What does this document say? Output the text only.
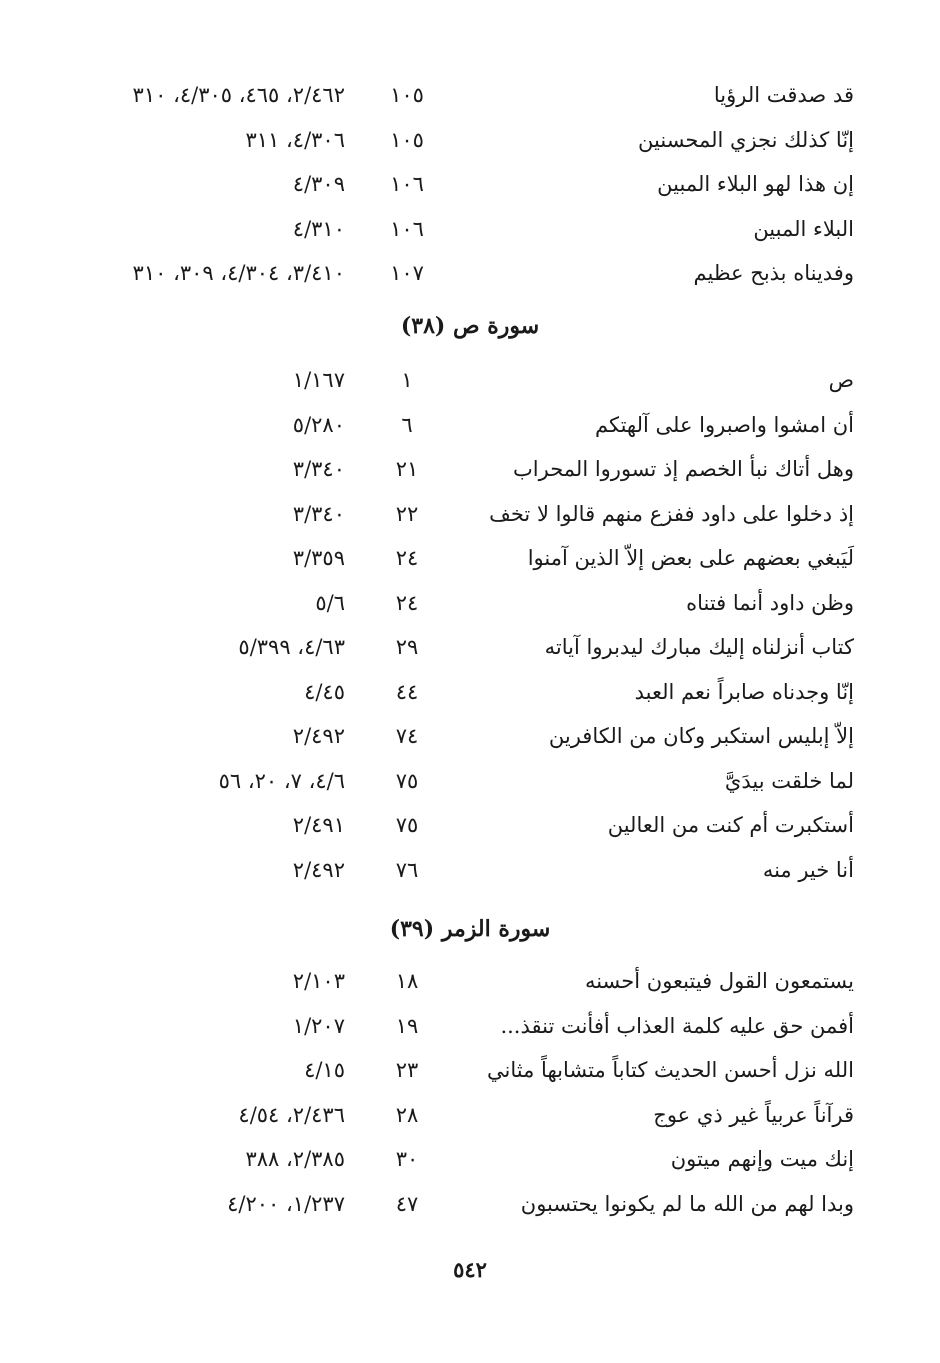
قد صدقت الرؤيا
١٠٥
٢/٤٦٢، ٤٦٥، ٤/٣٠٥، ٣١٠
إنّا كذلك نجزي المحسنين
١٠٥
٤/٣٠٦، ٣١١
إن هذا لهو البلاء المبين
١٠٦
٤/٣٠٩
البلاء المبين
١٠٦
٤/٣١٠
وفديناه بذبح عظيم
١٠٧
٣/٤١٠، ٤/٣٠٤، ٣٠٩، ٣١٠
سورة ص (٣٨)
ص
١
١/١٦٧
أن امشوا واصبروا على آلهتكم
٦
٥/٢٨٠
وهل أتاك نبأ الخصم إذ تسوروا المحراب
٢١
٣/٣٤٠
إذ دخلوا على داود ففزع منهم قالوا لا تخف
٢٢
٣/٣٤٠
لَيَبغي بعضهم على بعض إلاّ الذين آمنوا
٢٤
٣/٣٥٩
وظن داود أنما فتناه
٢٤
٥/٦
كتاب أنزلناه إليك مبارك ليدبروا آياته
٢٩
٤/٦٣، ٥/٣٩٩
إنّا وجدناه صابراً نعم العبد
٤٤
٤/٤٥
إلاّ إبليس استكبر وكان من الكافرين
٧٤
٢/٤٩٢
لما خلقت بيدَيَّ
٧٥
٤/٦، ٧، ٢٠، ٥٦
أستكبرت أم كنت من العالين
٧٥
٢/٤٩١
أنا خير منه
٧٦
٢/٤٩٢
سورة الزمر (٣٩)
يستمعون القول فيتبعون أحسنه
١٨
٢/١٠٣
أفمن حق عليه كلمة العذاب أفأنت تنقذ...
١٩
١/٢٠٧
الله نزل أحسن الحديث كتاباً متشابهاً مثاني
٢٣
٤/١٥
قرآناً عربياً غير ذي عوج
٢٨
٢/٤٣٦، ٤/٥٤
إنك ميت وإنهم ميتون
٣٠
٢/٣٨٥، ٣٨٨
وبدا لهم من الله ما لم يكونوا يحتسبون
٤٧
١/٢٣٧، ٤/٢٠٠
٥٤٢
